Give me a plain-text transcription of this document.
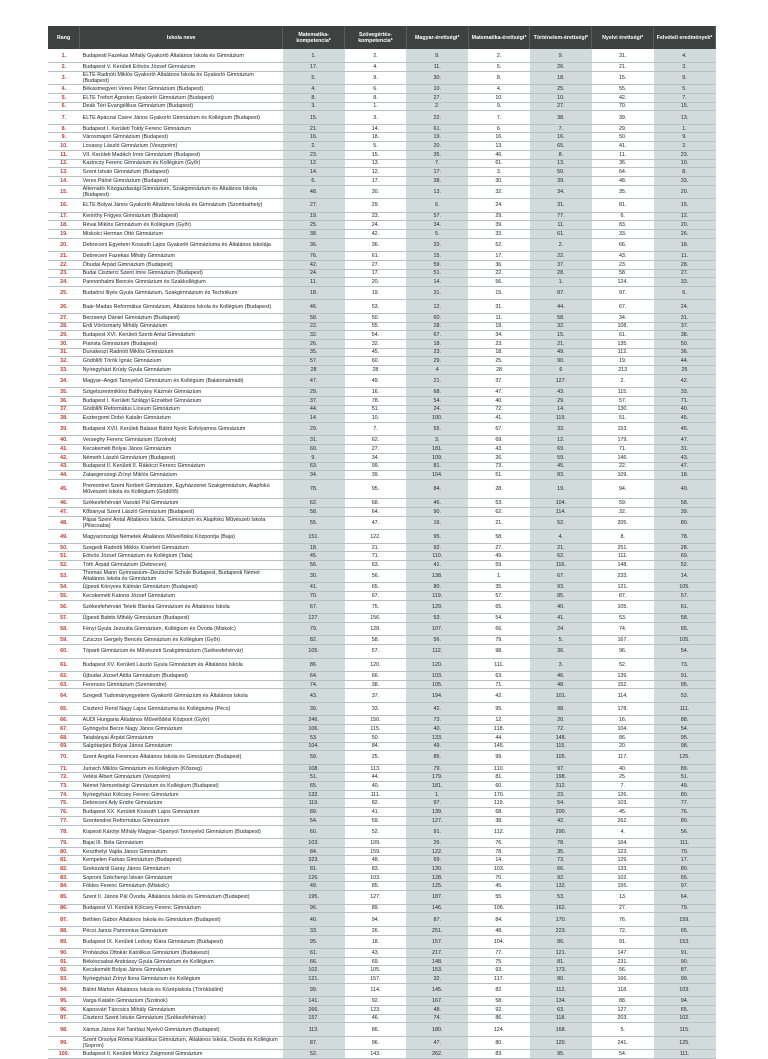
Rang	Iskola neve	Matematika-kompetencia*	Szövegértés-kompetencia*	Magyar-érettségi*	Matematika-érettségi*	Történelem-érettségi*	Nyelvi érettségi*	Felvételi eredmények*
1.	Budapesti Fazekas Mihály Gyakorló Általános Iskola és Gimnázium	1.	2.	9.	2.	9.	31.	4.
2.	Budapest V. Kerületi Eötvös József Gimnázium	17.	4.	11.	5.	26.	21.	3.
3.	ELTE Radnóti Miklós Gyakorló Általános Iskola és Gyakorló Gimnázium (Budapest)	5.	9.	30.	8.	18.	15.	9.
4.	Békásmegyeri Veres Péter Gimnázium (Budapest)	4.	6.	10.	4.	25.	55.	5.
5.	ELTE Trefort Ágoston Gyakorló Gimnázium (Budapest)	8.	8.	27.	10.	10.	42.	7.
6.	Deák Téri Evangélikus Gimnázium (Budapest)	3.	1.	2.	9.	27.	70.	15.
7.	ELTE Apáczai Csere János Gyakorló Gimnázium és Kollégium (Budapest)	15.	3.	22.	7.	38.	39.	13.
8.	Budapest I. Kerületi Toldy Ferenc Gimnázium	21.	14.	61.	6.	7.	29.	1.
9.	Városmajori Gimnázium (Budapest)	16.	18.	19.	16.	16.	50.	9.
10.	Lovassy László Gimnázium (Veszprém)	2.	5.	20.	13.	65.	41.	2.
11.	VII. Kerületi Madách Imre Gimnázium (Budapest)	23.	15.	35.	46.	8.	11.	23.
12.	Kazinczy Ferenc Gimnázium és Kollégium (Győr)	12.	13.	7.	61.	13.	36.	10.
13.	Szent István Gimnázium (Budapest)	14.	12.	17.	3.	50.	64.	8.
14.	Veres Pálné Gimnázium (Budapest)	6.	17.	38.	30.	39.	48.	33.
15.	Alternatív Közgazdasági Gimnázium, Szakgimnázium és Általános Iskola (Budapest)	48.	30.	13.	32.	34.	35.	20.
16.	ELTE Bolyai János Gyakorló Általános Iskola és Gimnázium (Szombathely)	27.	29.	6.	24.	31.	81.	15.
17.	Kerinthy Frigyes Gimnázium (Budapest)	19.	23.	57.	29.	77.	6.	12.
18.	Révai Miklós Gimnázium és Kollégium (Győr)	25.	24.	34.	39.	11.	83.	20.
19.	Miskolci Herman Ottó Gimnázium	38.	42.	5.	33.	61.	33.	26.
20.	Debreceni Egyetem Kossuth Lajos Gyakorló Gimnáziuma és Általános Iskolája	36.	36.	33.	52.	2.	66.	18.
21.	Debreceni Fazekas Mihály Gimnázium	76.	61.	15.	17.	22.	43.	11.
22.	Óbudai Árpád Gimnázium (Budapest)	42.	27.	59.	36.	37.	23.	28.
23.	Budai Ciszterci Szent Imre Gimnázium (Budapest)	24.	17.	51.	22.	28.	58.	27.
24.	Pannonhalmi Bencés Gimnázium és Szakkollégium	11.	20.	14.	56.	1.	124.	33.
25.	Budaörsi Illyés Gyula Gimnázium, Szakgimnázium és Technikum	18.	19.	31.	15.	87.	97.	6.
26.	Baár-Madas Református Gimnázium, Általános Iskola és Kollégium (Budapest)	46.	53.	12.	31.	44.	67.	24.
27.	Berzsenyi Dániel Gimnázium (Budapest)	58.	50.	60.	11.	58.	34.	31.
28.	Érdi Vörösmarty Mihály Gimnázium	22.	55.	28.	19.	32.	108.	37.
29.	Budapest XVI. Kerületi Szerb Antal Gimnázium	32.	54.	67.	34.	15.	61.	38.
30.	Piarista Gimnázium (Budapest)	26.	32.	18.	23.	21.	135.	50.
31.	Dunakeszi Radnóti Miklós Gimnázium	35.	45.	23.	18.	49.	112.	36.
32.	Gödöllői Török Ignác Gimnázium	57.	60.	29.	25.	90.	19.	44.
33.	Nyíregyházi Krúdy Gyula Gimnázium	28	28	4	28	6	213	25
34.	Magyar–Angol Tannyelvű Gimnázium és Kollégium (Balatonalmádi)	47.	49.	21.	37.	127.	2.	42.
35.	Szigetszentmiklósi Batthyány Kázmér Gimnázium	29.	16.	68.	47.	43.	115.	33.
36.	Budapest I. Kerületi Szilágyi Erzsébet Gimnázium	37.	78.	54.	40.	29.	57.	71.
37.	Gödöllői Református Líceum Gimnázium	44.	51.	24.	72.	14.	130.	40.
38.	Esztergomi Dobó Katalin Gimnázium	14.	10.	100.	41.	119.	51.	45.
39.	Budapest XVII. Kerületi Balassi Bálint Nyolc Évfolyamos Gimnázium	29.	7.	55.	67.	33.	153.	45.
40.	Verseghy Ferenc Gimnázium (Szolnok)	31.	62.	3.	69.	12.	179.	47.
41.	Kecskeméti Bolyai János Gimnázium	60.	27.	181.	43.	69.	71.	31.
42.	Németh László Gimnázium (Budapest)	9.	34.	109.	26.	59.	146.	43.
43.	Budapest II. Kerületi II. Rákóczi Ferenc Gimnázium	63.	99.	81.	73.	45.	22.	47.
44.	Zalaegerszegi Zrínyi Miklós Gimnázium	34.	39.	104.	51.	83.	109.	18.
45.	Premontrei Szent Norbert Gimnázium, Egyházzenei Szakgimnázium, Alapfokú Művészeti Iskola és Kollégium (Gödöllő)	78.	95.	84.	28.	19.	94.	40.
46.	Székesfehérvári Vasvári Pál Gimnázium	62.	68.	46.	53.	104.	59.	58.
47.	Kőbányai Szent László Gimnázium (Budapest)	58.	64.	90.	62.	114.	32.	39.
48.	Pápai Szent Antal Általános Iskola, Gimnázium és Alapfokú Művészeti Iskola (Piliscsaba)	55.	47.	16.	21.	52.	205.	80.
49.	Magyarországi Németek Általános Művelődési Központja (Baja)	151.	122.	95.	58.	4.	8.	78.
50.	Szegedi Radnóti Miklós Kísérleti Gimnázium	18.	21.	92.	27.	21.	251.	28.
51.	Eötvös József Gimnázium és Kollégium (Tata)	45.	71.	110.	49.	62.	111.	69.
52.	Tóth Árpád Gimnázium (Debrecen)	56.	63.	41.	59.	116.	148.	52.
53.	Thomas Mann Gymnasium–Deutsche Schule Budapest, Budapesti Német Általános Iskola és Gimnázium	30.	56.	138.	1.	67.	233.	14.
54.	Újpesti Könyves Kálmán Gimnázium (Budapest)	41.	65.	80.	35.	93.	121.	105.
55.	Kecskeméti Katona József Gimnázium	70.	67.	119.	57.	85.	87.	57.
56.	Székesfehérvári Teleki Blanka Gimnázium és Általános Iskola	67.	75.	129.	65.	40.	105.	61.
57.	Újpesti Babits Mihály Gimnázium (Budapest)	127.	156.	53.	54.	41.	53.	58.
58.	Fényi Gyula Jezsuita Gimnázium, Kollégium és Óvoda (Miskolc)	79.	128.	107.	66.	24.	74.	65.
59.	Czuczor Gergely Bencés Gimnázium és Kollégium (Győr)	82.	58.	56.	79.	5.	167.	105.
60.	Tóparti Gimnázium és Művészeti Szakgimnázium (Székesfehérvár)	105.	57.	112.	98.	36.	96.	54.
61.	Budapest XV. Kerületi László Gyula Gimnázium és Általános Iskola	86.	120.	120.	111.	3.	52.	73.
62.	Újbudai József Attila Gimnázium (Budapest)	64.	66.	103.	63.	46.	139.	91.
63.	Ferences Gimnázium (Szentendre)	74.	38.	105.	71.	48.	152.	95.
64.	Szegedi Tudományegyetem Gyakorló Gimnázium és Általános Iskola	43.	37.	194.	42.	101.	114.	53.
65.	Ciszterci Rend Nagy Lajos Gimnáziuma és Kollégiuma (Pécs)	39.	33.	42.	95.	98.	178.	111.
66.	AUDI Hungaria Általános Művelődési Központ (Győr)	246.	150.	73.	12.	20.	16.	88.
67.	Gyöngyösi Berze Nagy János Gimnázium	106.	115.	40.	118.	72.	104.	54.
68.	Tatabányai Árpád Gimnázium	53.	50.	133.	44.	148.	86.	95.
69.	Salgótarjáni Bolyai János Gimnázium	104.	84.	49.	145.	115.	20.	98.
70.	Szent Angéla Ferences Általános Iskola és Gimnázium (Budapest)	59.	25.	85.	99.	105.	117.	125.
71.	Jurisich Miklós Gimnázium és Kollégium (Kőszeg)	108.	113.	79.	110.	97.	40.	89.
72.	Vetési Albert Gimnázium (Veszprém)	51.	44.	179.	81.	198.	25.	51.
73.	Német Nemzetiségi Gimnázium és Kollégium (Budapest)	65.	40.	181.	60.	312.	7.	49.
74.	Nyíregyházi Kölcsey Ferenc Gimnázium	132.	111.	1.	170.	23.	126.	80.
75.	Debreceni Ady Endre Gimnázium	119.	82.	97.	119.	54.	103.	77.
76.	Budapest XX. Kerületi Kossuth Lajos Gimnázium	89.	41.	139.	68.	200.	45.	76.
77.	Szentendrei Református Gimnázium	54.	59.	127.	38.	42.	262.	80.
78.	Kispesti Károlyi Mihály Magyar–Spanyol Tannyelvű Gimnázium (Budapest)	60.	52.	91.	112.	290.	4.	56.
79.	Bajai III. Béla Gimnázium	103.	109.	26.	76.	78.	164.	111.
80.	Keszthelyi Vajda János Gimnázium	84.	159.	122.	78.	35.	123.	70.
81.	Kempelen Farkas Gimnázium (Budapest)	323.	48.	69.	14.	73.	129.	17.
82.	Szekszárdi Garay János Gimnázium	81.	83.	130.	103.	66.	133.	80.
83.	Soproni Széchenyi István Gimnázium	126.	103.	128.	70.	92.	102.	65.
84.	Földes Ferenc Gimnázium (Miskolc)	49.	85.	125.	45.	132.	155.	97.
85.	Szent II. János Pál Óvoda, Általános Iskola és Gimnázium (Budapest)	195.	127.	187.	55.	53.	13.	64.
86.	Budapest VI. Kerületi Kölcsey Ferenc Gimnázium	96.	89.	146.	106.	162.	27.	79.
87.	Bethlen Gábor Általános Iskola és Gimnázium (Budapest)	40.	94.	87.	84.	170.	76.	159.
88.	Pécsi Janus Pannonius Gimnázium	33.	26.	251.	48.	223.	72.	65.
89.	Budapest IX. Kerületi Ledvay Klára Gimnázium (Budapest)	95.	18.	157.	104.	86.	91.	153.
90.	Prohászka Ottokár Katolikus Gimnázium (Budakeszi)	61.	43.	217.	77.	121.	147.	91.
91.	Békéscsabai Andrássy Gyula Gimnázium és Kollégium	66.	69.	148.	75.	81.	231.	90.
92.	Kecskeméti Bolyai János Gimnázium	102.	105.	153.	93.	173.	56.	87.
93.	Nyíregyházi Zrínyi Ilona Gimnázium és Kollégium	121.	157.	32.	117.	80.	166.	99.
94.	Bálint Márton Általános Iskola és Középiskola (Törökbálint)	99.	114.	145.	82.	112.	118.	103.
95.	Varga Katalin Gimnázium (Szolnok)	141.	92.	167.	58.	134.	88.	94.
96.	Kaposvári Táncsics Mihály Gimnázium	266.	123.	48.	92.	63.	127.	65.
97.	Ciszterci Szent István Gimnázium (Székesfehérvár)	157.	46.	74.	86.	118.	203.	102.
98.	Xántus János Két Tanítási Nyelvű Gimnázium (Budapest)	113.	86.	180.	124.	168.	5.	115.
99.	Szent Orsolya Római Katolikus Gimnázium, Általános Iskola, Óvoda és Kollégium (Sopron)	87.	96.	47.	80.	120.	241.	125.
100.	Budapest II. Kerületi Móricz Zsigmond Gimnázium	52.	143.	262.	83.	95.	54.	111.
